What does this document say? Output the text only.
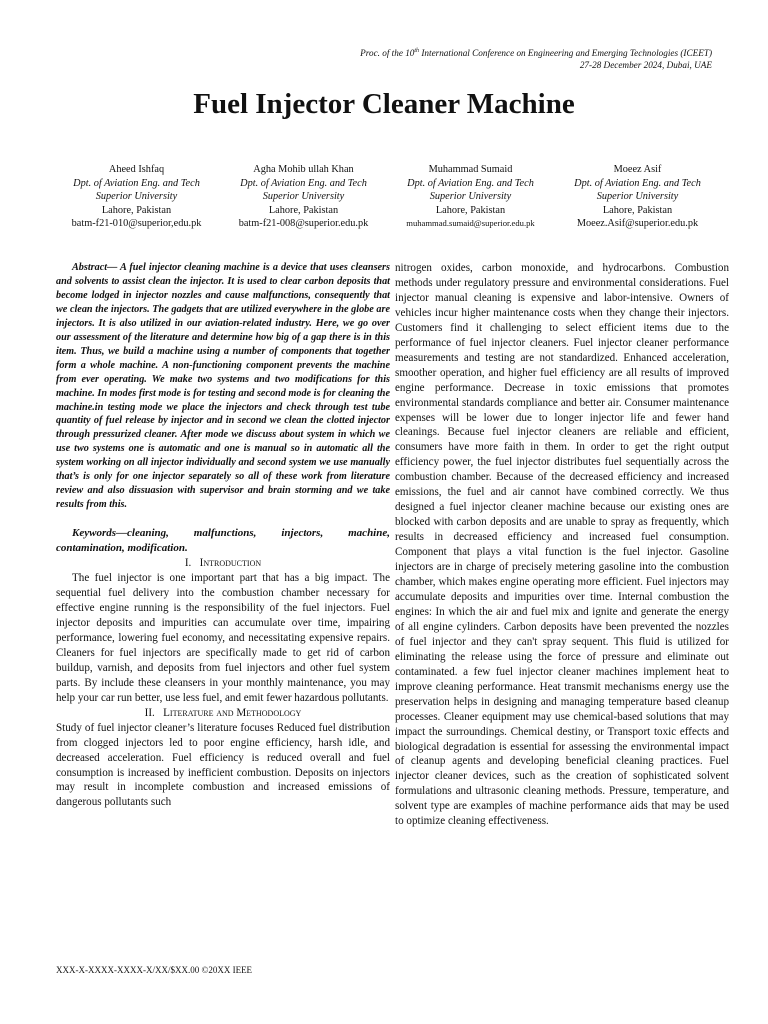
Proc. of the 10th International Conference on Engineering and Emerging Technologies (ICEET)
27-28 December 2024, Dubai, UAE
Fuel Injector Cleaner Machine
Aheed Ishfaq
Dpt. of Aviation Eng. and Tech
Superior University
Lahore, Pakistan
batm-f21-010@superior,edu.pk
Agha Mohib ullah Khan
Dpt. of Aviation Eng. and Tech
Superior University
Lahore, Pakistan
batm-f21-008@superior.edu.pk
Muhammad Sumaid
Dpt. of Aviation Eng. and Tech
Superior University
Lahore, Pakistan
muhammad.sumaid@superior.edu.pk
Moeez Asif
Dpt. of Aviation Eng. and Tech
Superior University
Lahore, Pakistan
Moeez.Asif@superior.edu.pk

Abstract— A fuel injector cleaning machine is a device that uses cleansers and solvents to assist clean the injector. It is used to clear carbon deposits that become lodged in injector nozzles and cause malfunctions, consequently that we clean the injectors. The gadgets that are utilized everywhere in the globe are injectors. It is also utilized in our aviation-related industry. Here, we go over our assessment of the literature and determine how big of a gap there is in this item. Thus, we build a machine using a number of components that together form a whole machine. A non-functioning component prevents the machine from ever operating. We make two systems and two modifications for this machine. In modes first mode is for testing and second mode is for cleaning the machine.in testing mode we place the injectors and check through test tube quantity of fuel release by injector and in second we clean the clotted injector through pressurized cleaner. After mode we discuss about system in which we use two systems one is automatic and one is manual so in automatic all the system working on all injector individually and second system we use manually that’s is only for one injector separately so all of these work from literature review and also dissuasion with supervisor and brain storming and we take results from this.

Keywords—cleaning, malfunctions, injectors, machine, contamination, modification.

I. Introduction

The fuel injector is one important part that has a big impact. The sequential fuel delivery into the combustion chamber necessary for effective engine running is the responsibility of the fuel injectors. Fuel injector deposits and impurities can accumulate over time, impairing performance, lowering fuel economy, and necessitating expensive repairs. Cleaners for fuel injectors are specifically made to get rid of carbon buildup, varnish, and deposits from fuel injectors and other fuel system parts. By include these cleansers in your monthly maintenance, you may help your car run better, use less fuel, and emit fewer hazardous pollutants.

II. Literature and Methodology

Study of fuel injector cleaner’s literature focuses Reduced fuel distribution from clogged injectors led to poor engine efficiency, harsh idle, and decreased acceleration. Fuel efficiency is reduced overall and fuel consumption is increased by inefficient combustion. Deposits on injectors may result in incomplete combustion and increased emissions of dangerous pollutants such

nitrogen oxides, carbon monoxide, and hydrocarbons. Combustion methods under regulatory pressure and environmental considerations. Fuel injector manual cleaning is expensive and labor-intensive. Owners of vehicles incur higher maintenance costs when they change their injectors. Customers find it challenging to select efficient items due to the performance of fuel injector cleaners. Fuel injector cleaner performance measurements and testing are not standardized. Enhanced acceleration, smoother operation, and higher fuel efficiency are all results of improved engine performance. Decrease in toxic emissions that promotes environmental standards compliance and better air. Consumer maintenance expenses will be lower due to longer injector life and fewer hand cleanings. Because fuel injector cleaners are reliable and efficient, consumers have more faith in them. In order to get the right output efficiency power, the fuel injector distributes fuel sequentially across the combustion chamber. Because of the decreased efficiency and increased emissions, the fuel and air cannot have combined correctly. We thus designed a fuel injector cleaner machine because our existing ones are blocked with carbon deposits and are unable to spray as frequently, which results in decreased efficiency and increased fuel consumption. Component that plays a vital function is the fuel injector. Gasoline injectors are in charge of precisely metering gasoline into the combustion chamber, which makes engine operating more efficient. Fuel injectors may accumulate deposits and impurities over time. Internal combustion the engines: In which the air and fuel mix and ignite and generate the energy of all engine cylinders. Carbon deposits have been prevented the nozzles of fuel injector and they can't spray sequent. This fluid is utilized for eliminating the release using the force of pressure and eliminate out contaminated. a few fuel injector cleaner machines implement heat to improve cleaning performance. Heat transmit mechanisms energy use the preservation helps in designing and managing temperature based cleanup processes. Cleaner equipment may use chemical-based solutions that may impact the surroundings. Chemical destiny, or Transport toxic effects and biological degradation is essential for assessing the environmental impact of cleanup agents and developing beneficial cleaning practices. Fuel injector cleaner devices, such as the creation of sophisticated solvent formulations and ultrasonic cleaning methods. Pressure, temperature, and solvent type are examples of machine performance aids that may be used to optimize cleaning effectiveness.

XXX-X-XXXX-XXXX-X/XX/$XX.00 ©20XX IEEE
